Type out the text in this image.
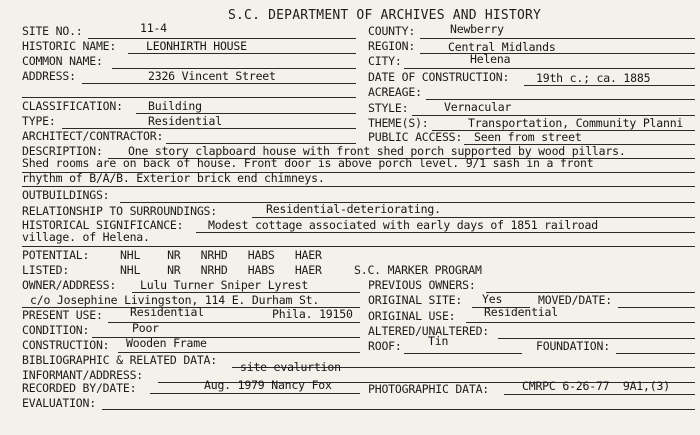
S.C. DEPARTMENT OF ARCHIVES AND HISTORY
SITE NO.:	11-4	COUNTY:	Newberry
HISTORIC NAME:	LEONHIRTH HOUSE	REGION:	Central Midlands
COMMON NAME:	CITY:	Helena
ADDRESS:	2326 Vincent Street	DATE OF CONSTRUCTION: 19th c.; ca. 1885
ACREAGE:
CLASSIFICATION: Building	STYLE:	Vernacular
TYPE:	Residential	THEME(S):	Transportation, Community Planni
ARCHITECT/CONTRACTOR:	PUBLIC ACCESS: Seen from street
DESCRIPTION: One story clapboard house with front shed porch supported by wood pillars.
Shed rooms are on back of house. Front door is above porch level. 9/1 sash in a front
rhythm of B/A/B. Exterior brick end chimneys.
OUTBUILDINGS:
RELATIONSHIP TO SURROUNDINGS:	Residential-deteriorating.
HISTORICAL SIGNIFICANCE: Modest cottage associated with early days of 1851 railroad
village. of Helena.
POTENTIAL:	NHL    NR   NRHD   HABS   HAER
LISTED:	NHL    NR   NRHD   HABS   HAER	S.C. MARKER PROGRAM
OWNER/ADDRESS: Lulu Turner Sniper Lyrest	PREVIOUS OWNERS:
c/o Josephine Livingston, 114 E. Durham St.	ORIGINAL SITE: Yes	MOVED/DATE:
PRESENT USE: Residential	Phila. 19150 ORIGINAL USE: Residential
CONDITION:	Poor	ALTERED/UNALTERED:
CONSTRUCTION: Wooden Frame	ROOF: Tin	FOUNDATION:
BIBLIOGRAPHIC & RELATED DATA:
INFORMANT/ADDRESS:
site evalurtion
RECORDED BY/DATE:	Aug. 1979 Nancy Fox	PHOTOGRAPHIC DATA:	CMRPC 6-26-77  9A1,(3)
EVALUATION:
